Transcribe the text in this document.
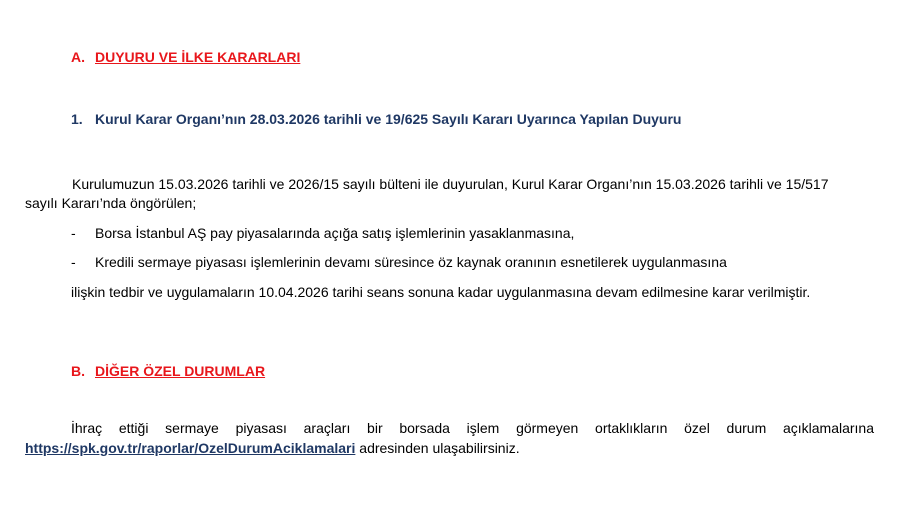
A. DUYURU VE İLKE KARARLARI
1. Kurul Karar Organı’nın 28.03.2026 tarihli ve 19/625 Sayılı Kararı Uyarınca Yapılan Duyuru
Kurulumuzun 15.03.2026 tarihli ve 2026/15 sayılı bülteni ile duyurulan, Kurul Karar Organı’nın 15.03.2026 tarihli ve 15/517
sayılı Kararı’nda öngörülen;
- Borsa İstanbul AŞ pay piyasalarında açığa satış işlemlerinin yasaklanmasına,
- Kredili sermaye piyasası işlemlerinin devamı süresince öz kaynak oranının esnetilerek uygulanmasına
ilişkin tedbir ve uygulamaların 10.04.2026 tarihi seans sonuna kadar uygulanmasına devam edilmesine karar verilmiştir.
B. DİĞER ÖZEL DURUMLAR
İhraç ettiği sermaye piyasası araçları bir borsada işlem görmeyen ortaklıkların özel durum açıklamalarına
https://spk.gov.tr/raporlar/OzelDurumAciklamalari adresinden ulaşabilirsiniz.
